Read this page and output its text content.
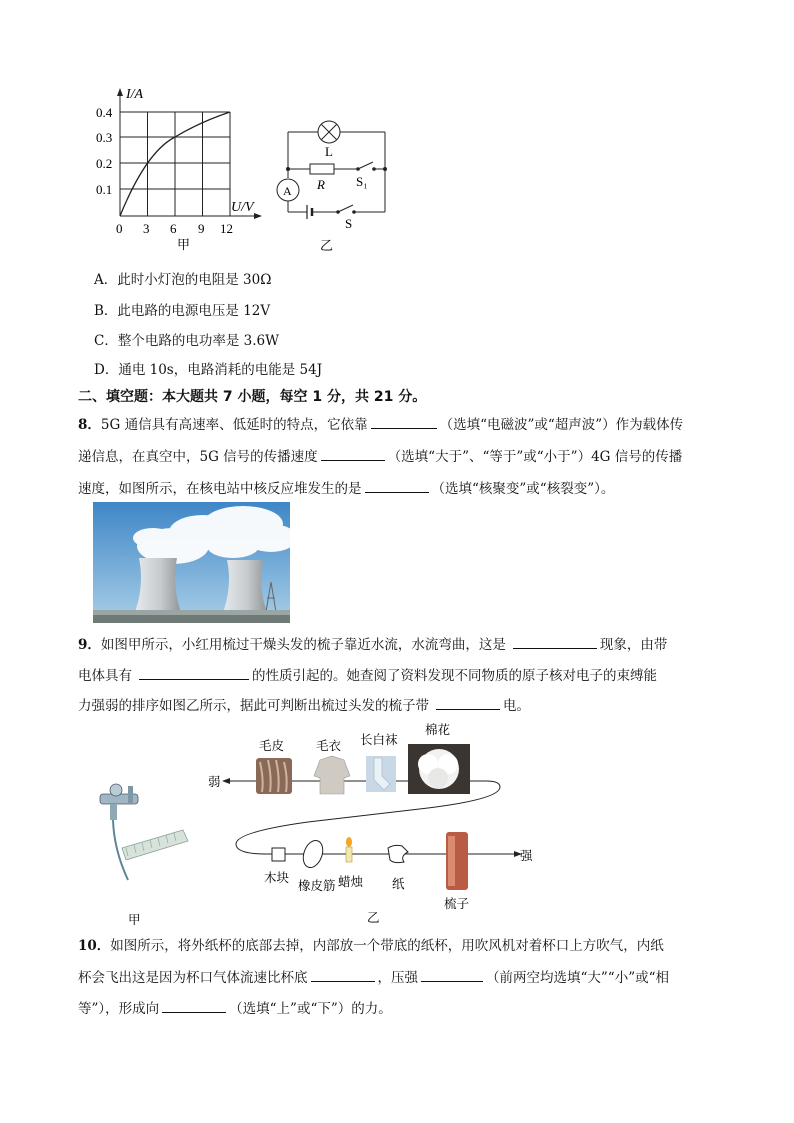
I/A
U/V
0.4
0.3
0.2
0.1
0 3 6 9 12
甲
L
R S₁
A
S
乙
A．此时小灯泡的电阻是 30Ω
B．此电路的电源电压是 12V
C．整个电路的电功率是 3.6W
D．通电 10s，电路消耗的电能是 54J
二、填空题：本大题共 7 小题，每空 1 分，共 21 分。
8．5G 通信具有高速率、低延时的特点，它依靠	（选填“电磁波”或“超声波”）作为载体传
递信息，在真空中，5G 信号的传播速度	（选填“大于”、“等于”或“小于”）4G 信号的传播
速度，如图所示，在核电站中核反应堆发生的是	（选填“核聚变”或“核裂变”）。
9．如图甲所示，小红用梳过干燥头发的梳子靠近水流，水流弯曲，这是	现象，由带
电体具有	的性质引起的。她查阅了资料发现不同物质的原子核对电子的束缚能
力强弱的排序如图乙所示，据此可判断出梳过头发的梳子带	电。
弱
强
毛皮	毛衣 长白袜
棉花
木块
橡皮筋 蜡烛 纸
梳子
甲	乙
10．如图所示，将外纸杯的底部去掉，内部放一个带底的纸杯，用吹风机对着杯口上方吹气，内纸
杯会飞出这是因为杯口气体流速比杯底	，压强	（前两空均选填“大”“小”或“相
等”），形成向	（选填“上”或“下”）的力。
